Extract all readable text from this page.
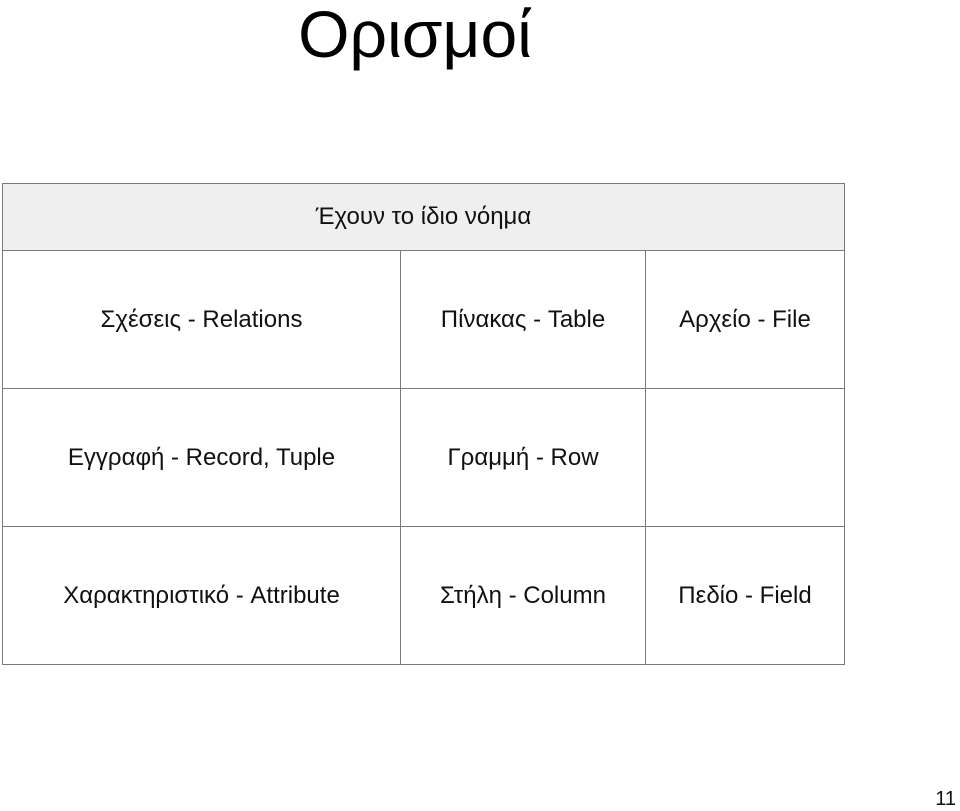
Ορισμοί
Έχουν το ίδιο νόημα		
Σχέσεις - Relations	Πίνακας - Table	Αρχείο - File
Εγγραφή - Record, Tuple	Γραμμή - Row	
Χαρακτηριστικό - Attribute	Στήλη - Column	Πεδίο - Field
11
